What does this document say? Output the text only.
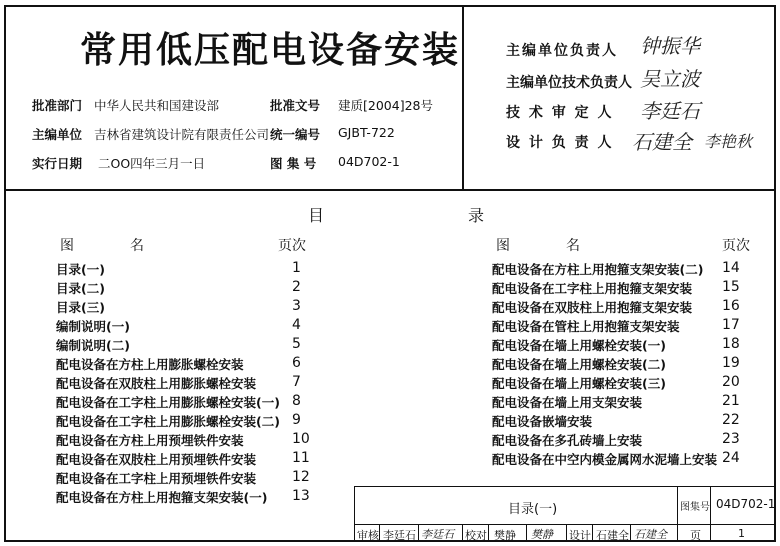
常用低压配电设备安装
批准部门 中华人民共和国建设部	批准文号 建质[2004]28号
主编单位 吉林省建筑设计院有限责任公司 统一编号 GJBT-722
实行日期 二OO四年三月一日	图 集 号 04D702-1
主编单位负责人 钟振华
主编单位技术负责人 吴立波
技 术 审 定 人 李廷石
设 计 负 责 人 石建全 李艳秋
目	录
图	名	页次	图	名	页次
目录(一)	1
目录(二)	2
目录(三)	3
编制说明(一)	4
编制说明(二)	5
配电设备在方柱上用膨胀螺栓安装	6
配电设备在双肢柱上用膨胀螺栓安装	7
配电设备在工字柱上用膨胀螺栓安装(一) 8
配电设备在工字柱上用膨胀螺栓安装(二) 9
配电设备在方柱上用预埋铁件安装	10
配电设备在双肢柱上用预埋铁件安装	11
配电设备在工字柱上用预埋铁件安装	12
配电设备在方柱上用抱箍支架安装(一) 13
配电设备在方柱上用抱箍支架安装(二) 14
配电设备在工字柱上用抱箍支架安装 15
配电设备在双肢柱上用抱箍支架安装 16
配电设备在管柱上用抱箍支架安装	17
配电设备在墙上用螺栓安装(一)	18
配电设备在墙上用螺栓安装(二)	19
配电设备在墙上用螺栓安装(三)	20
配电设备在墙上用支架安装	21
配电设备嵌墙安装	22
配电设备在多孔砖墙上安装	23
配电设备在中空内模金属网水泥墙上安装 24
目录(一)	图集号 04D702-1
审核 李廷石 李廷石 校对 樊静 樊静 设计 石建全 石建全 页	1
